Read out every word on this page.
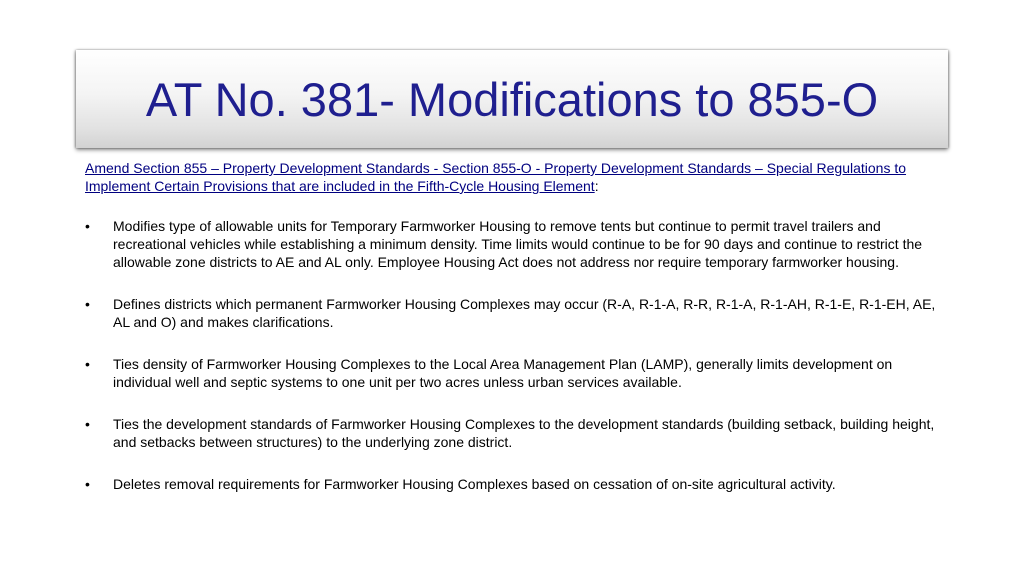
AT No. 381- Modifications to 855-O

Amend Section 855 – Property Development Standards - Section 855-O - Property Development Standards – Special Regulations to Implement Certain Provisions that are included in the Fifth-Cycle Housing Element:

•	Modifies type of allowable units for Temporary Farmworker Housing to remove tents but continue to permit travel trailers and recreational vehicles while establishing a minimum density. Time limits would continue to be for 90 days and continue to restrict the allowable zone districts to AE and AL only. Employee Housing Act does not address nor require temporary farmworker housing.
•	Defines districts which permanent Farmworker Housing Complexes may occur (R-A, R-1-A, R-R, R-1-A, R-1-AH, R-1-E, R-1-EH, AE, AL and O) and makes clarifications.
•	Ties density of Farmworker Housing Complexes to the Local Area Management Plan (LAMP), generally limits development on individual well and septic systems to one unit per two acres unless urban services available.
•	Ties the development standards of Farmworker Housing Complexes to the development standards (building setback, building height, and setbacks between structures) to the underlying zone district.
•	Deletes removal requirements for Farmworker Housing Complexes based on cessation of on-site agricultural activity.
